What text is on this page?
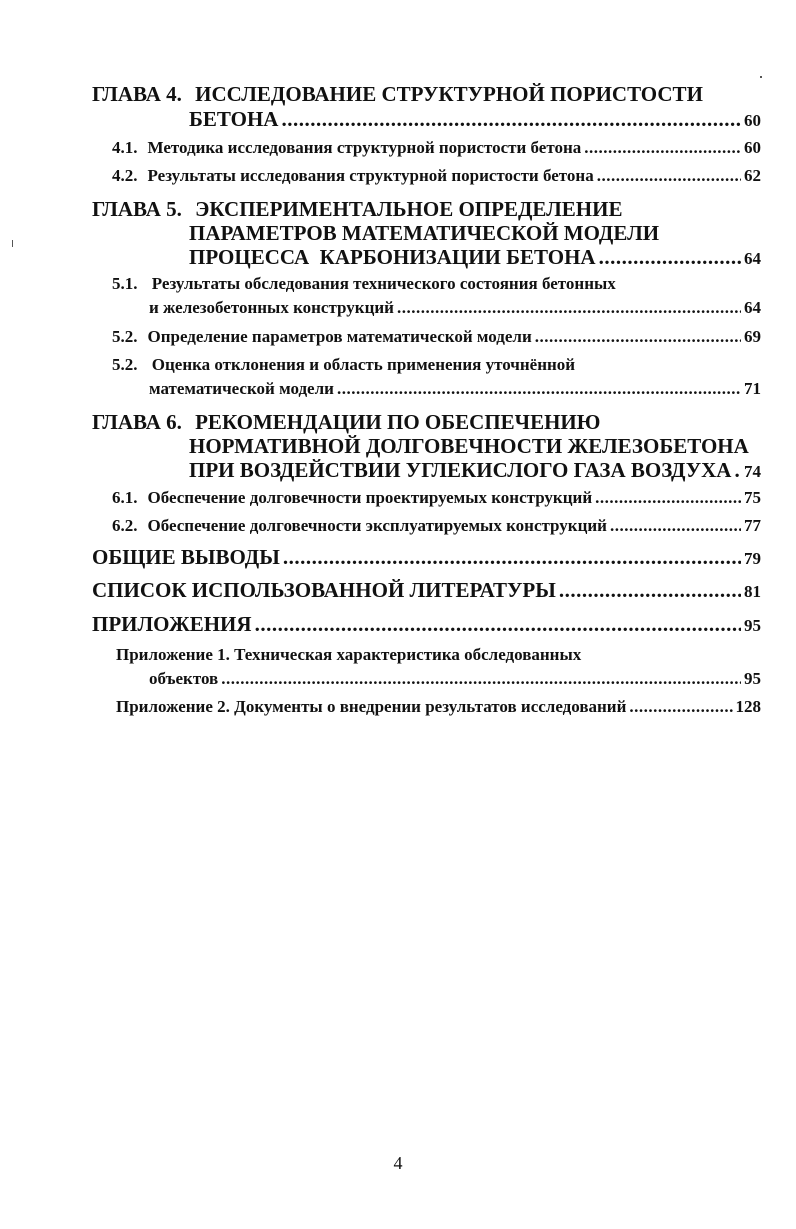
ГЛАВА 4. ИССЛЕДОВАНИЕ СТРУКТУРНОЙ ПОРИСТОСТИ
БЕТОНА .....	60
4.1. Методика исследования структурной пористости бетона .....	60
4.2. Результаты исследования структурной пористости бетона .....	62
ГЛАВА 5. ЭКСПЕРИМЕНТАЛЬНОЕ ОПРЕДЕЛЕНИЕ
ПАРАМЕТРОВ МАТЕМАТИЧЕСКОЙ МОДЕЛИ
ПРОЦЕССА  КАРБОНИЗАЦИИ БЕТОНА .....	64
5.1. Результаты обследования технического состояния бетонных
и железобетонных конструкций .....	64
5.2. Определение параметров математической модели .....	69
5.2. Оценка отклонения и область применения уточнённой
математической модели .....	71
ГЛАВА 6. РЕКОМЕНДАЦИИ ПО ОБЕСПЕЧЕНИЮ
НОРМАТИВНОЙ ДОЛГОВЕЧНОСТИ ЖЕЛЕЗОБЕТОНА
ПРИ ВОЗДЕЙСТВИИ УГЛЕКИСЛОГО ГАЗА ВОЗДУХА ..... 74
6.1. Обеспечение долговечности проектируемых конструкций .....	75
6.2. Обеспечение долговечности эксплуатируемых конструкций .....	77
ОБЩИЕ ВЫВОДЫ .....	79
СПИСОК ИСПОЛЬЗОВАННОЙ ЛИТЕРАТУРЫ .....	81
ПРИЛОЖЕНИЯ .....	95
Приложение 1. Техническая характеристика обследованных
объектов .....	95
Приложение 2. Документы о внедрении результатов исследований .....	128
4
